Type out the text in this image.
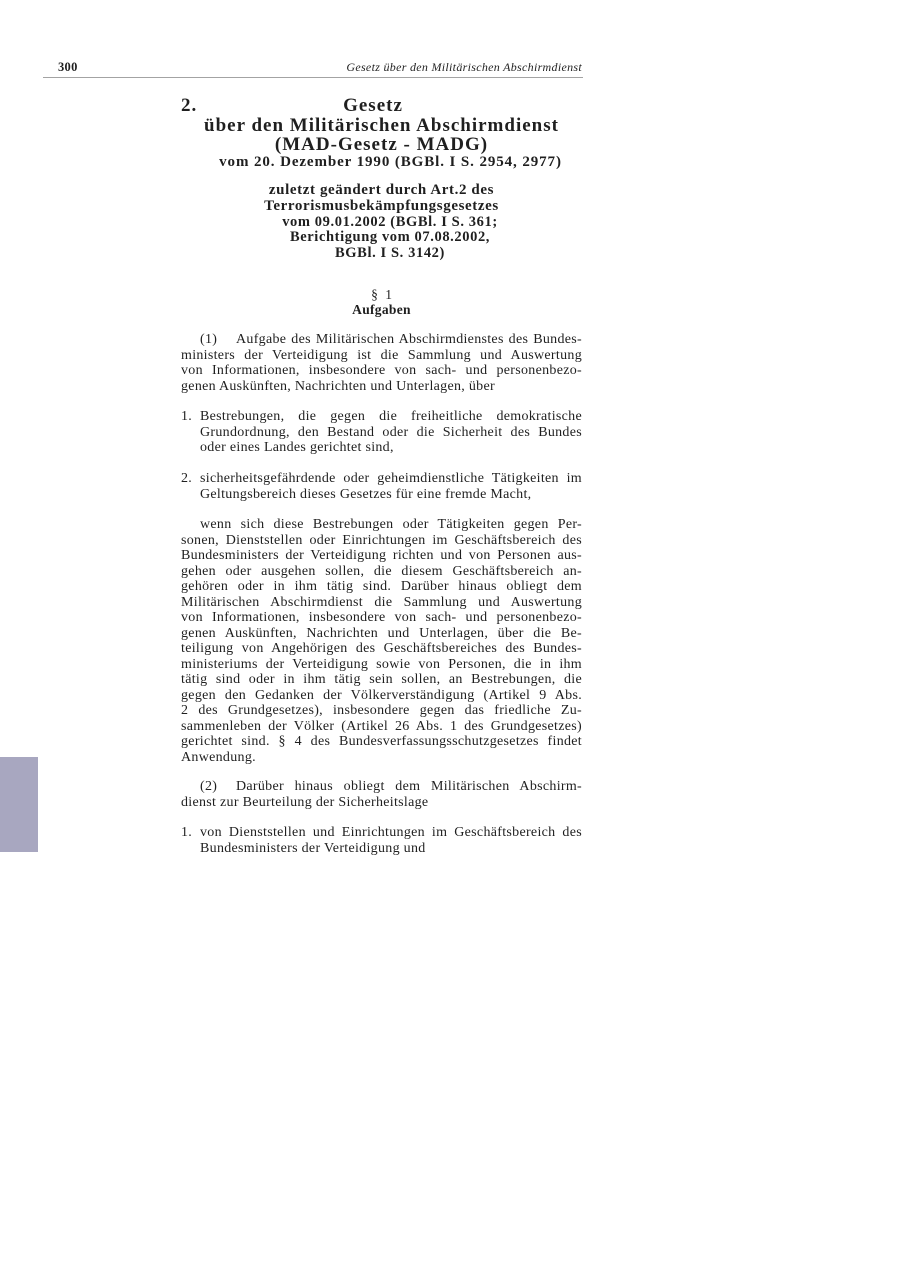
300	Gesetz über den Militärischen Abschirmdienst
2.	Gesetz
über den Militärischen Abschirmdienst
(MAD-Gesetz - MADG)
vom 20. Dezember 1990 (BGBl. I S. 2954, 2977)
zuletzt geändert durch Art.2 des
Terrorismusbekämpfungsgesetzes
vom 09.01.2002 (BGBl. I S. 361;
Berichtigung vom 07.08.2002,
BGBl. I S. 3142)
§ 1
Aufgaben
(1)	Aufgabe des Militärischen Abschirmdienstes des Bundes-
ministers der Verteidigung ist die Sammlung und Auswertung
von Informationen, insbesondere von sach- und personenbezo-
genen Auskünften, Nachrichten und Unterlagen, über
1. Bestrebungen, die gegen die freiheitliche demokratische
Grundordnung, den Bestand oder die Sicherheit des Bundes
oder eines Landes gerichtet sind,
2. sicherheitsgefährdende oder geheimdienstliche Tätigkeiten im
Geltungsbereich dieses Gesetzes für eine fremde Macht,
wenn sich diese Bestrebungen oder Tätigkeiten gegen Per-
sonen, Dienststellen oder Einrichtungen im Geschäftsbereich des
Bundesministers der Verteidigung richten und von Personen aus-
gehen oder ausgehen sollen, die diesem Geschäftsbereich an-
gehören oder in ihm tätig sind. Darüber hinaus obliegt dem
Militärischen Abschirmdienst die Sammlung und Auswertung
von Informationen, insbesondere von sach- und personenbezo-
genen Auskünften, Nachrichten und Unterlagen, über die Be-
teiligung von Angehörigen des Geschäftsbereiches des Bundes-
ministeriums der Verteidigung sowie von Personen, die in ihm
tätig sind oder in ihm tätig sein sollen, an Bestrebungen, die
gegen den Gedanken der Völkerverständigung (Artikel 9 Abs.
2 des Grundgesetzes), insbesondere gegen das friedliche Zu-
sammenleben der Völker (Artikel 26 Abs. 1 des Grundgesetzes)
gerichtet sind. § 4 des Bundesverfassungsschutzgesetzes findet
Anwendung.
(2)	Darüber hinaus obliegt dem Militärischen Abschirm-
dienst zur Beurteilung der Sicherheitslage
1. von Dienststellen und Einrichtungen im Geschäftsbereich des
Bundesministers der Verteidigung und
